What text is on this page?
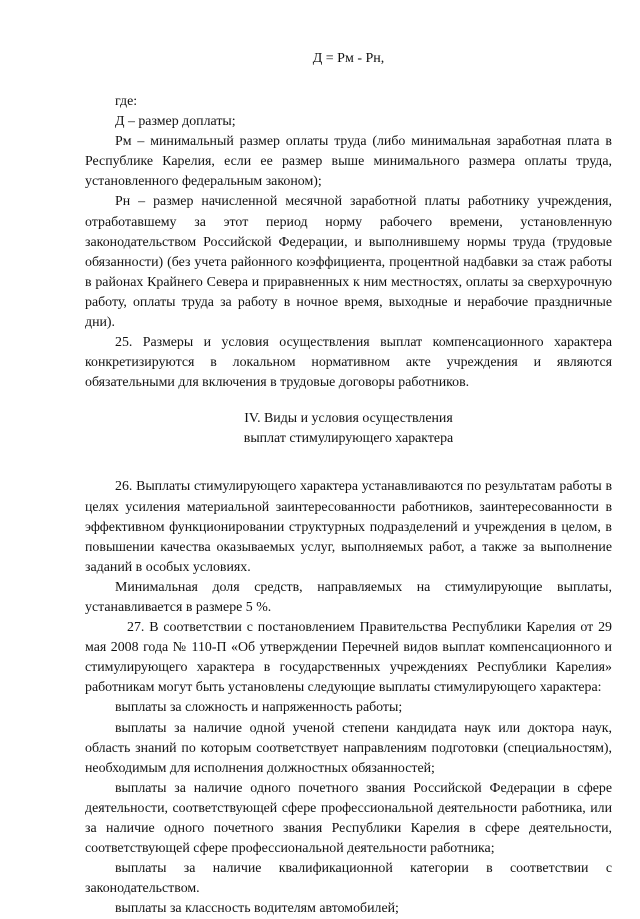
Д = Рм - Рн,

где:

Д – размер доплаты;

Рм – минимальный размер оплаты труда (либо минимальная заработная плата в Республике Карелия, если ее размер выше минимального размера оплаты труда, установленного федеральным законом);

Рн – размер начисленной месячной заработной платы работнику учреждения, отработавшему за этот период норму рабочего времени, установленную законодательством Российской Федерации, и выполнившему нормы труда (трудовые обязанности) (без учета районного коэффициента, процентной надбавки за стаж работы в районах Крайнего Севера и приравненных к ним местностях, оплаты за сверхурочную работу, оплаты труда за работу в ночное время, выходные и нерабочие праздничные дни).

25. Размеры и условия осуществления выплат компенсационного характера конкретизируются в локальном нормативном акте учреждения и являются обязательными для включения в трудовые договоры работников.

IV. Виды и условия осуществления
выплат стимулирующего характера

26. Выплаты стимулирующего характера устанавливаются по результатам работы в целях усиления материальной заинтересованности работников, заинтересованности в эффективном функционировании структурных подразделений и учреждения в целом, в повышении качества оказываемых услуг, выполняемых работ, а также за выполнение заданий в особых условиях.

Минимальная доля средств, направляемых на стимулирующие выплаты, устанавливается в размере 5 %.

27. В соответствии с постановлением Правительства Республики Карелия от 29 мая 2008 года № 110-П «Об утверждении Перечней видов выплат компенсационного и стимулирующего характера в государственных учреждениях Республики Карелия» работникам могут быть установлены следующие выплаты стимулирующего характера:

выплаты за сложность и напряженность работы;

выплаты за наличие одной ученой степени кандидата наук или доктора наук, область знаний по которым соответствует направлениям подготовки (специальностям), необходимым для исполнения должностных обязанностей;

выплаты за наличие одного почетного звания Российской Федерации в сфере деятельности, соответствующей сфере профессиональной деятельности работника, или за наличие одного почетного звания Республики Карелия в сфере деятельности, соответствующей сфере профессиональной деятельности работника;

выплаты за наличие квалификационной категории в соответствии с законодательством.

выплаты за классность водителям автомобилей;
